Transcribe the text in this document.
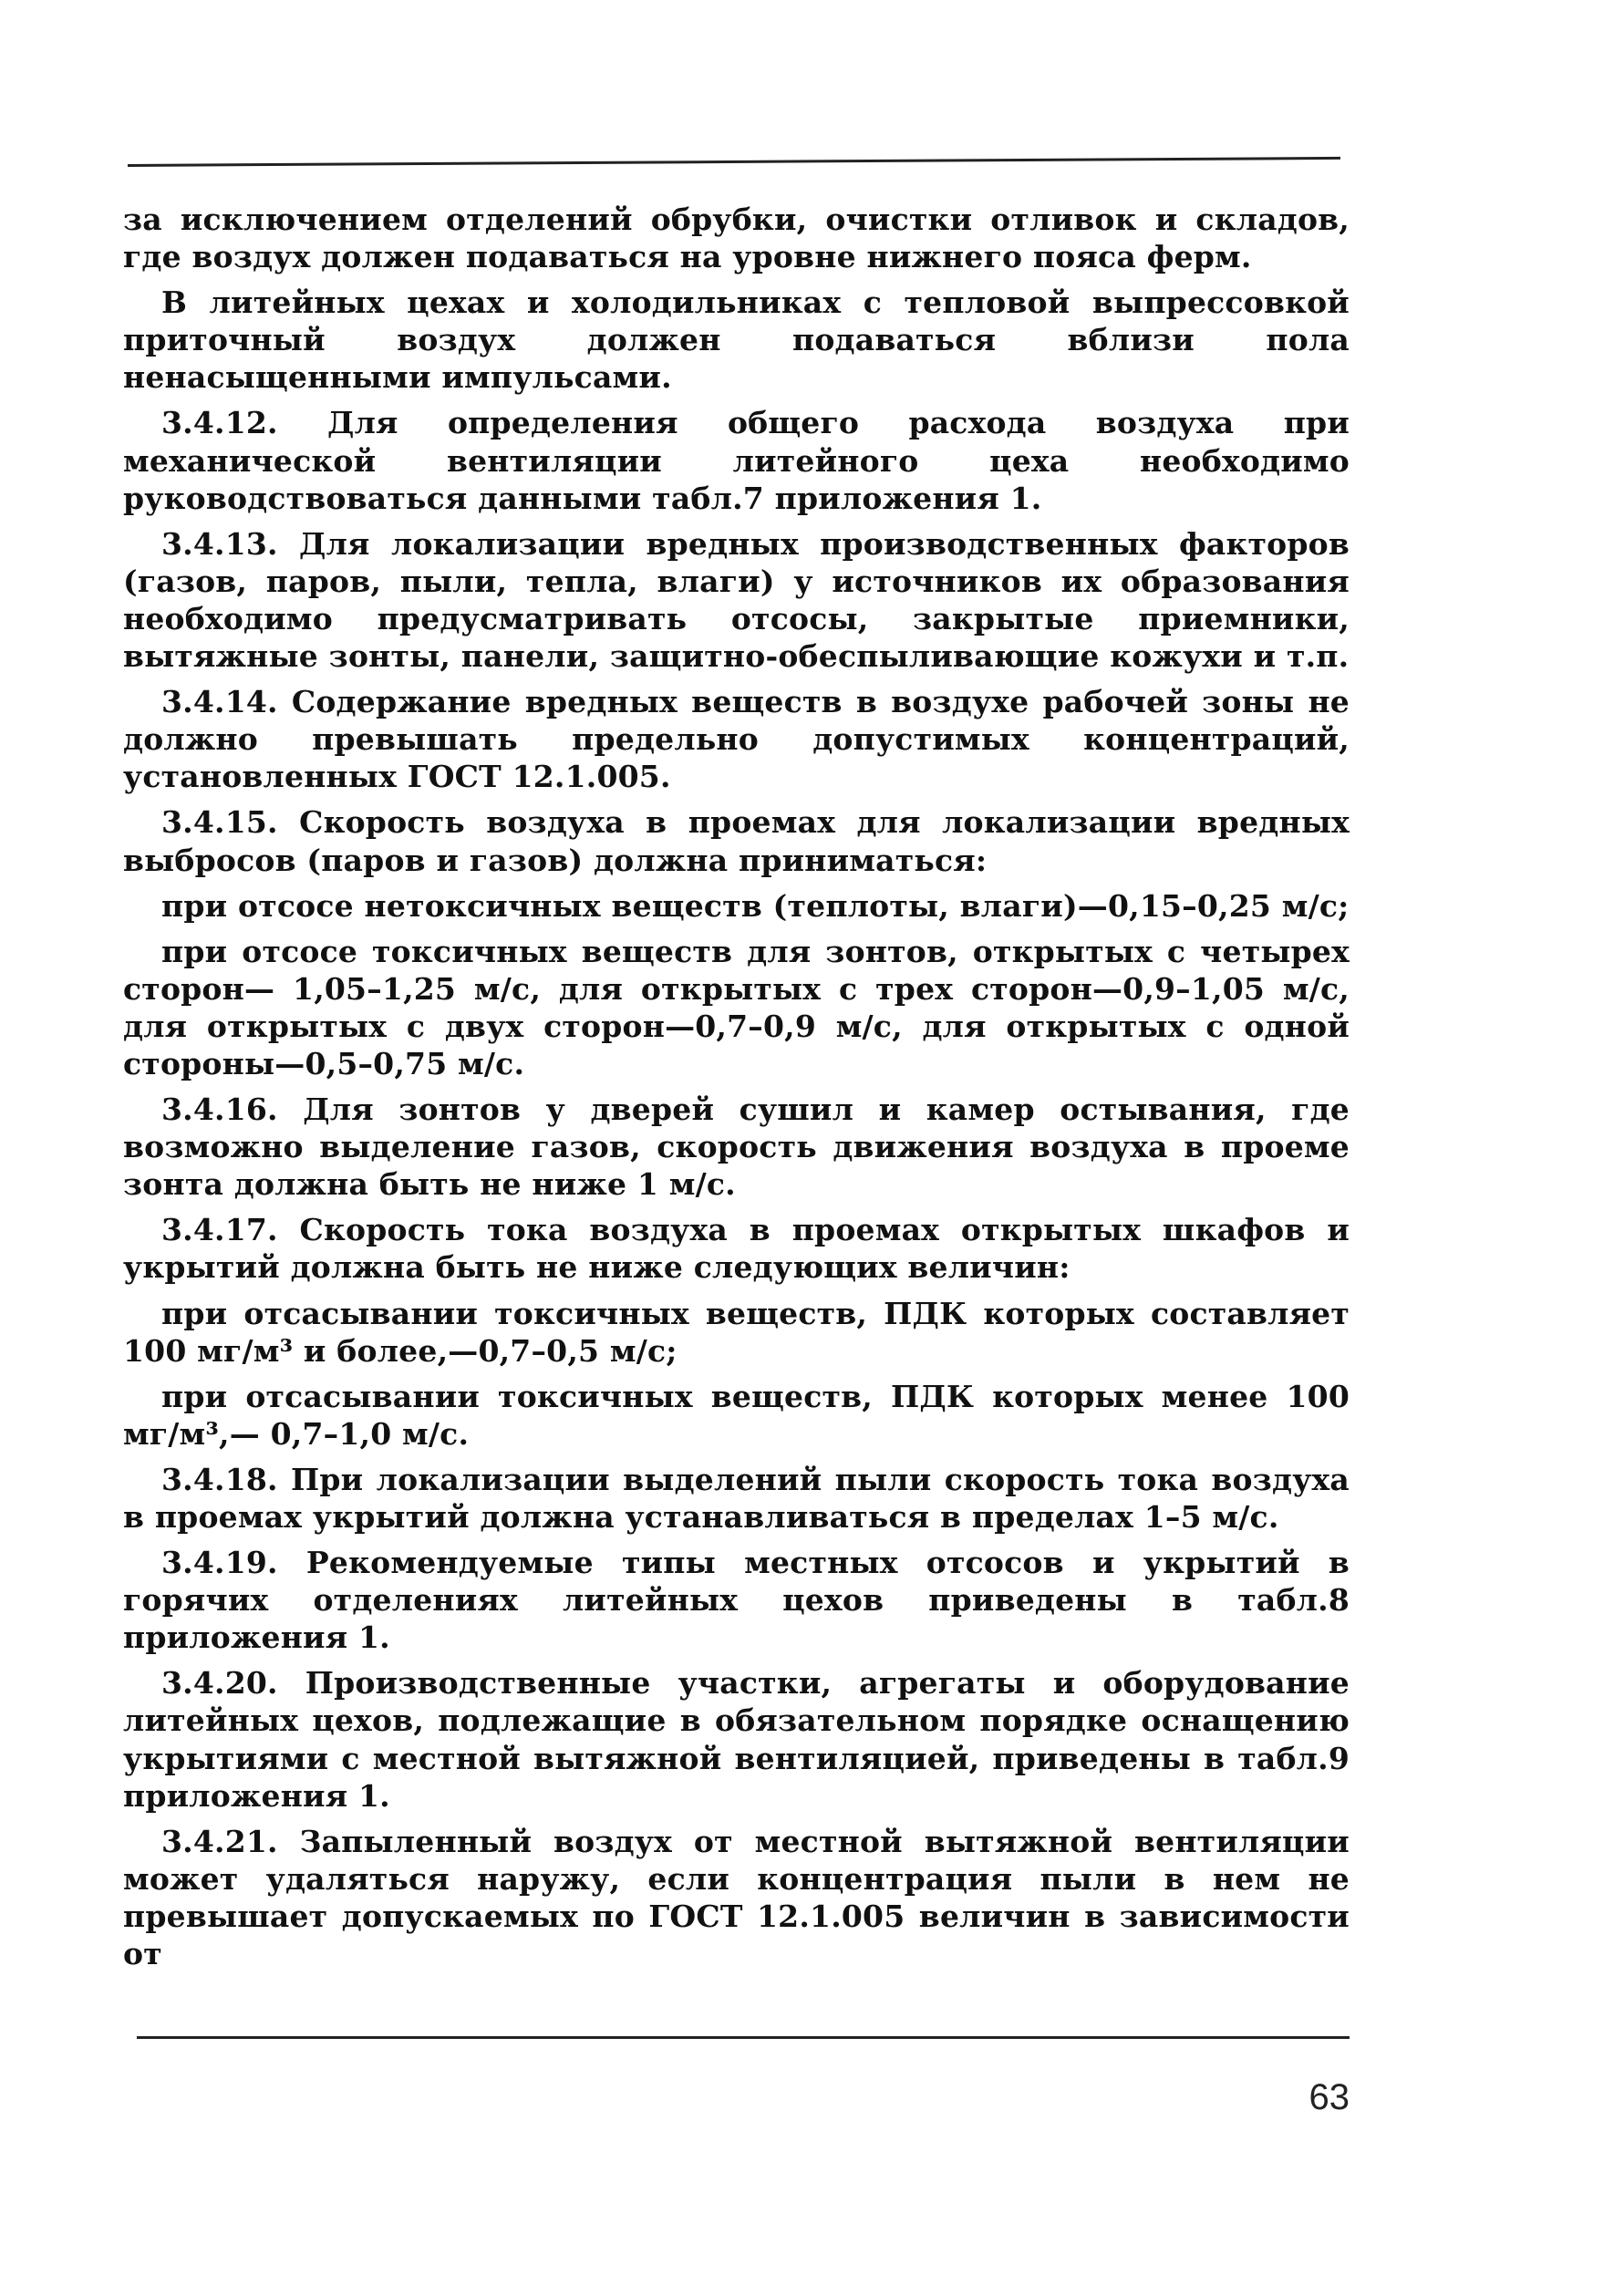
за исключением отделений обрубки, очистки отливок и складов, где воздух должен подаваться на уровне нижнего пояса ферм.

В литейных цехах и холодильниках с тепловой выпрессовкой приточный воздух должен подаваться вблизи пола ненасыщенными импульсами.

3.4.12. Для определения общего расхода воздуха при механической вентиляции литейного цеха необходимо руководствоваться данными табл.7 приложения 1.

3.4.13. Для локализации вредных производственных факторов (газов, паров, пыли, тепла, влаги) у источников их образования необходимо предусматривать отсосы, закрытые приемники, вытяжные зонты, панели, защитно-обеспыливающие кожухи и т.п.

3.4.14. Содержание вредных веществ в воздухе рабочей зоны не должно превышать предельно допустимых концентраций, установленных ГОСТ 12.1.005.

3.4.15. Скорость воздуха в проемах для локализации вредных выбросов (паров и газов) должна приниматься:

при отсосе нетоксичных веществ (теплоты, влаги)—0,15–0,25 м/с;

при отсосе токсичных веществ для зонтов, открытых с четырех сторон— 1,05–1,25 м/с, для открытых с трех сторон—0,9–1,05 м/с, для открытых с двух сторон—0,7–0,9 м/с, для открытых с одной стороны—0,5–0,75 м/с.

3.4.16. Для зонтов у дверей сушил и камер остывания, где возможно выделение газов, скорость движения воздуха в проеме зонта должна быть не ниже 1 м/с.

3.4.17. Скорость тока воздуха в проемах открытых шкафов и укрытий должна быть не ниже следующих величин:

при отсасывании токсичных веществ, ПДК которых составляет 100 мг/м³ и более,—0,7–0,5 м/с;

при отсасывании токсичных веществ, ПДК которых менее 100 мг/м³,— 0,7–1,0 м/с.

3.4.18. При локализации выделений пыли скорость тока воздуха в проемах укрытий должна устанавливаться в пределах 1–5 м/с.

3.4.19. Рекомендуемые типы местных отсосов и укрытий в горячих отделениях литейных цехов приведены в табл.8 приложения 1.

3.4.20. Производственные участки, агрегаты и оборудование литейных цехов, подлежащие в обязательном порядке оснащению укрытиями с местной вытяжной вентиляцией, приведены в табл.9 приложения 1.

3.4.21. Запыленный воздух от местной вытяжной вентиляции может удаляться наружу, если концентрация пыли в нем не превышает допускаемых по ГОСТ 12.1.005 величин в зависимости от

63
